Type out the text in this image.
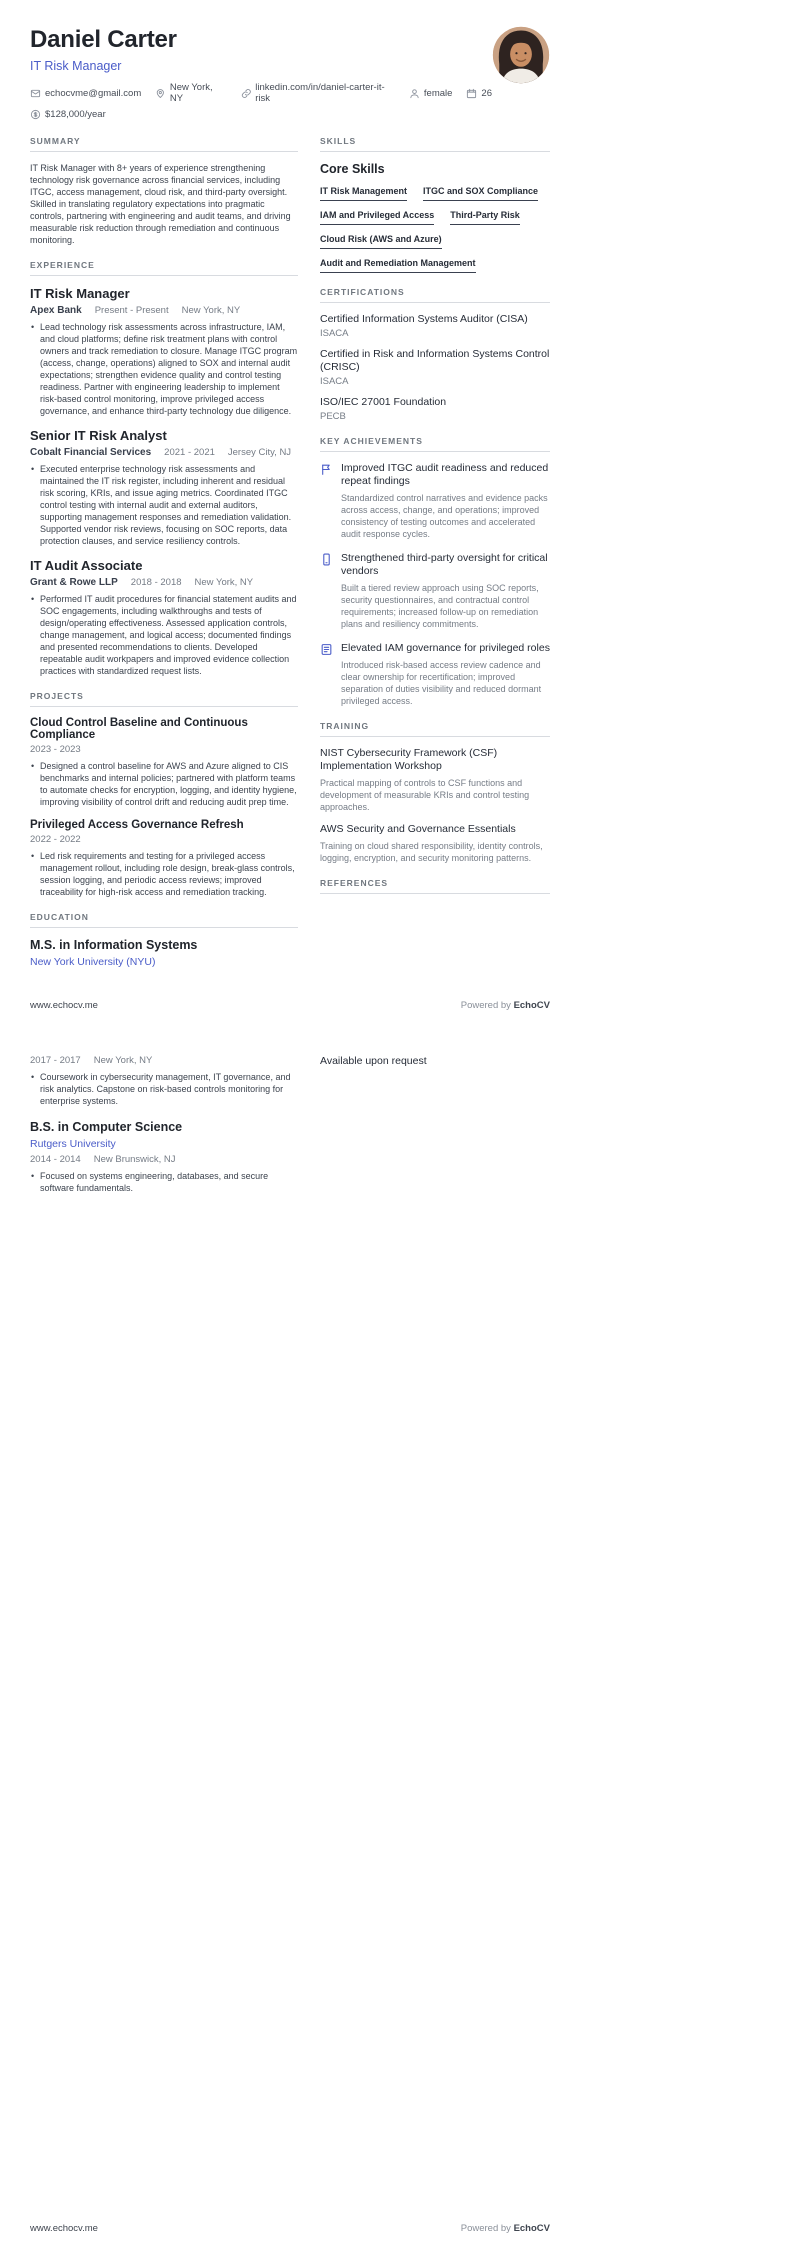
Daniel Carter
IT Risk Manager
echocvme@gmail.com	New York, NY
linkedin.com/in/daniel-carter-it-risk	female	26
$128,000/year
SUMMARY

IT Risk Manager with 8+ years of experience strengthening technology risk governance across financial services, including ITGC, access management, cloud risk, and third-party oversight. Skilled in translating regulatory expectations into pragmatic controls, partnering with engineering and audit teams, and driving measurable risk reduction through remediation and continuous monitoring.

EXPERIENCE
IT Risk Manager
Apex Bank Present - Present New York, NY
• Lead technology risk assessments across infrastructure, IAM, and cloud platforms; define risk treatment plans with control owners and track remediation to closure. Manage ITGC program (access, change, operations) aligned to SOX and internal audit expectations; strengthen evidence quality and control testing readiness. Partner with engineering leadership to implement risk-based control monitoring, improve privileged access governance, and enhance third-party technology due diligence.
Senior IT Risk Analyst
Cobalt Financial Services 2021 - 2021 Jersey City, NJ
• Executed enterprise technology risk assessments and maintained the IT risk register, including inherent and residual risk scoring, KRIs, and issue aging metrics. Coordinated ITGC control testing with internal audit and external auditors, supporting management responses and remediation validation. Supported vendor risk reviews, focusing on SOC reports, data protection clauses, and service resiliency controls.
IT Audit Associate
Grant & Rowe LLP 2018 - 2018 New York, NY
• Performed IT audit procedures for financial statement audits and SOC engagements, including walkthroughs and tests of design/operating effectiveness. Assessed application controls, change management, and logical access; documented findings and presented recommendations to clients. Developed repeatable audit workpapers and improved evidence collection practices with standardized request lists.
PROJECTS
Cloud Control Baseline and Continuous Compliance
2023 - 2023
• Designed a control baseline for AWS and Azure aligned to CIS benchmarks and internal policies; partnered with platform teams to automate checks for encryption, logging, and identity hygiene, improving visibility of control drift and reducing audit prep time.
Privileged Access Governance Refresh
2022 - 2022
• Led risk requirements and testing for a privileged access management rollout, including role design, break-glass controls, session logging, and periodic access reviews; improved traceability for high-risk access and remediation tracking.
EDUCATION
M.S. in Information Systems
New York University (NYU)
SKILLS
Core Skills
IT Risk Management ITGC and SOX Compliance
IAM and Privileged Access Third-Party Risk
Cloud Risk (AWS and Azure)
Audit and Remediation Management
CERTIFICATIONS
Certified Information Systems Auditor (CISA)
ISACA
Certified in Risk and Information Systems Control (CRISC)
ISACA
ISO/IEC 27001 Foundation
PECB
KEY ACHIEVEMENTS
Improved ITGC audit readiness and reduced repeat findings
Standardized control narratives and evidence packs across access, change, and operations; improved consistency of testing outcomes and accelerated audit response cycles.
Strengthened third-party oversight for critical vendors
Built a tiered review approach using SOC reports, security questionnaires, and contractual control requirements; increased follow-up on remediation plans and resiliency commitments.
Elevated IAM governance for privileged roles
Introduced risk-based access review cadence and clear ownership for recertification; improved separation of duties visibility and reduced dormant privileged access.
TRAINING
NIST Cybersecurity Framework (CSF) Implementation Workshop
Practical mapping of controls to CSF functions and development of measurable KRIs and control testing approaches.
AWS Security and Governance Essentials
Training on cloud shared responsibility, identity controls, logging, encryption, and security monitoring patterns.
REFERENCES
www.echocv.me	Powered by EchoCV
2017 - 2017 New York, NY
• Coursework in cybersecurity management, IT governance, and risk analytics. Capstone on risk-based controls monitoring for enterprise systems.
B.S. in Computer Science
Rutgers University
2014 - 2014 New Brunswick, NJ
• Focused on systems engineering, databases, and secure software fundamentals.
Available upon request
www.echocv.me	Powered by EchoCV
